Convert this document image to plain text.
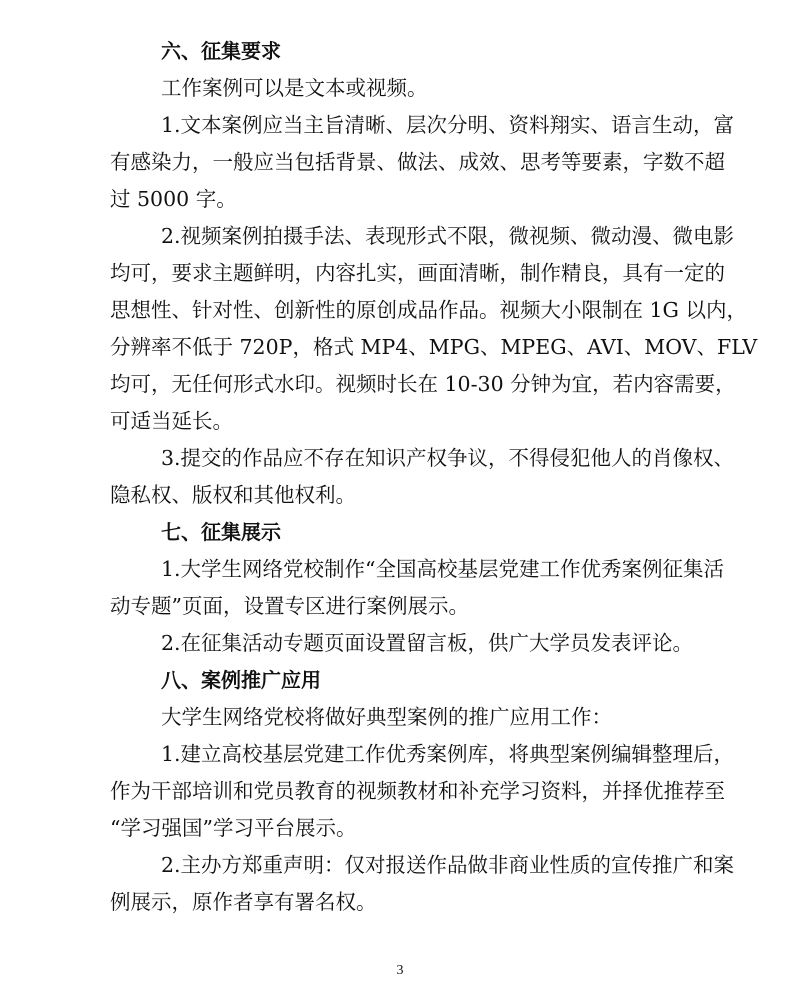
六、征集要求
工作案例可以是文本或视频。
1.文本案例应当主旨清晰、层次分明、资料翔实、语言生动，富
有感染力，一般应当包括背景、做法、成效、思考等要素，字数不超
过 5000 字。
2.视频案例拍摄手法、表现形式不限，微视频、微动漫、微电影
均可，要求主题鲜明，内容扎实，画面清晰，制作精良，具有一定的
思想性、针对性、创新性的原创成品作品。视频大小限制在 1G 以内，
分辨率不低于 720P，格式 MP4、MPG、MPEG、AVI、MOV、FLV
均可，无任何形式水印。视频时长在 10-30 分钟为宜，若内容需要，
可适当延长。
3.提交的作品应不存在知识产权争议，不得侵犯他人的肖像权、
隐私权、版权和其他权利。
七、征集展示
1.大学生网络党校制作“全国高校基层党建工作优秀案例征集活
动专题”页面，设置专区进行案例展示。
2.在征集活动专题页面设置留言板，供广大学员发表评论。
八、案例推广应用
大学生网络党校将做好典型案例的推广应用工作：
1.建立高校基层党建工作优秀案例库，将典型案例编辑整理后，
作为干部培训和党员教育的视频教材和补充学习资料，并择优推荐至
“学习强国”学习平台展示。
2.主办方郑重声明：仅对报送作品做非商业性质的宣传推广和案
例展示，原作者享有署名权。
3
